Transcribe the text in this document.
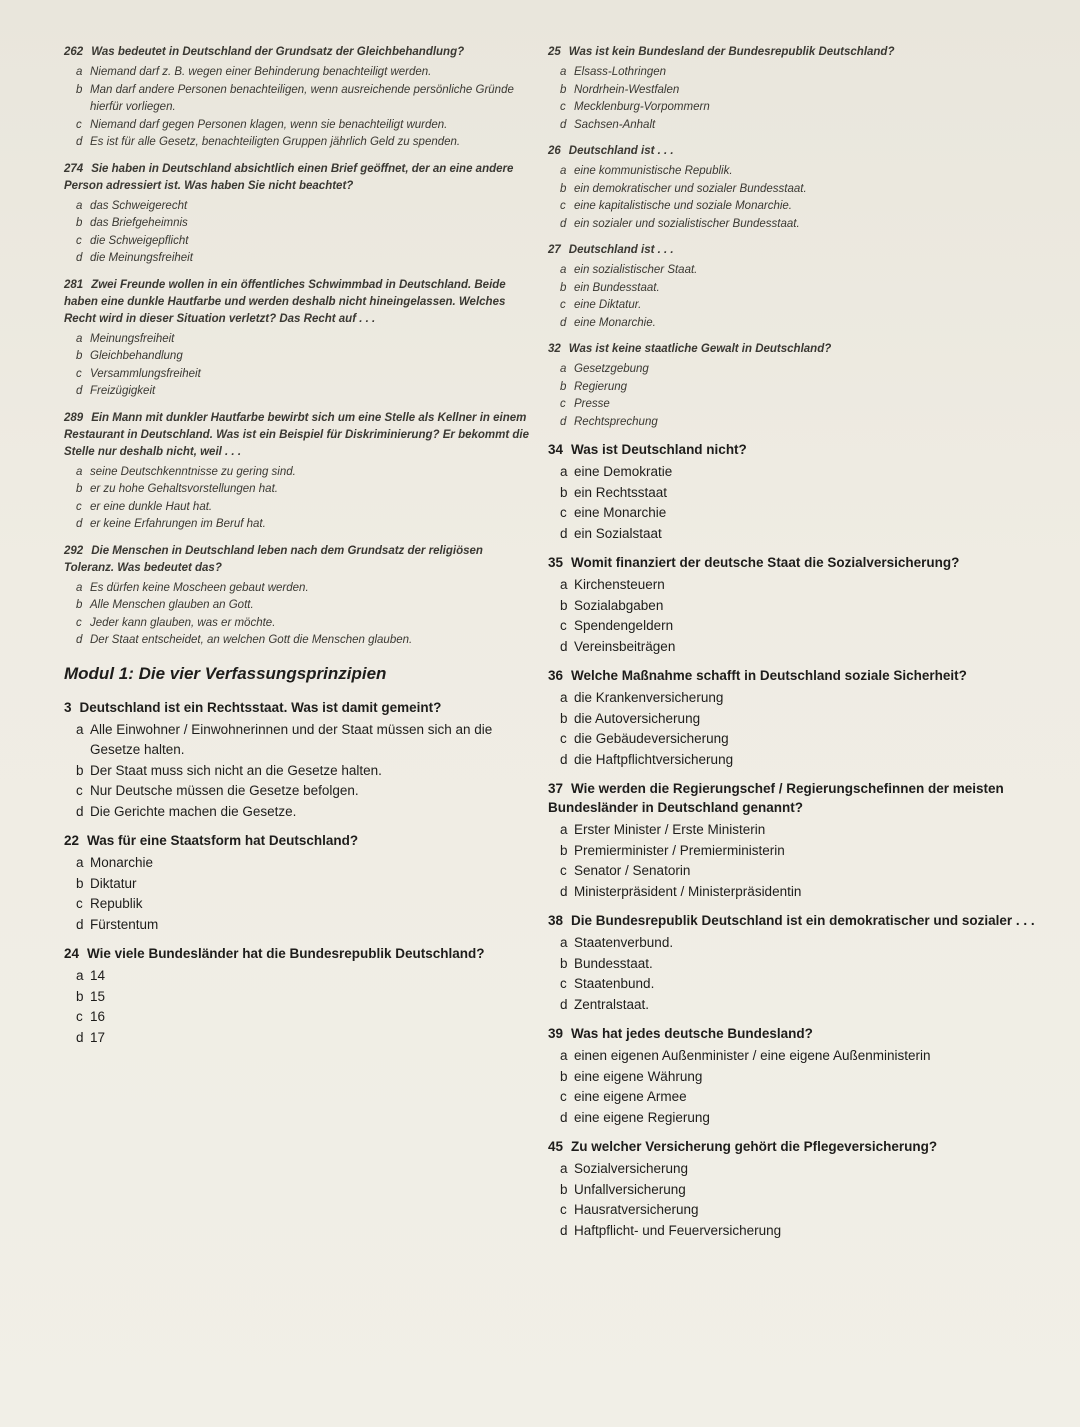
262 Was bedeutet in Deutschland der Grundsatz der Gleichbehandlung?
a Niemand darf z. B. wegen einer Behinderung benachteiligt werden.
b Man darf andere Personen benachteiligen, wenn ausreichende persönliche Gründe hierfür vorliegen.
c Niemand darf gegen Personen klagen, wenn sie benachteiligt wurden.
d Es ist für alle Gesetz, benachteiligten Gruppen jährlich Geld zu spenden.
274 Sie haben in Deutschland absichtlich einen Brief geöffnet, der an eine andere Person adressiert ist. Was haben Sie nicht beachtet?
a das Schweigerecht
b das Briefgeheimnis
c die Schweigepflicht
d die Meinungsfreiheit
281 Zwei Freunde wollen in ein öffentliches Schwimmbad in Deutschland. Beide haben eine dunkle Hautfarbe und werden deshalb nicht hineingelassen. Welches Recht wird in dieser Situation verletzt? Das Recht auf . . .
a Meinungsfreiheit
b Gleichbehandlung
c Versammlungsfreiheit
d Freizügigkeit
289 Ein Mann mit dunkler Hautfarbe bewirbt sich um eine Stelle als Kellner in einem Restaurant in Deutschland. Was ist ein Beispiel für Diskriminierung? Er bekommt die Stelle nur deshalb nicht, weil . . .
a seine Deutschkenntnisse zu gering sind.
b er zu hohe Gehaltsvorstellungen hat.
c er eine dunkle Haut hat.
d er keine Erfahrungen im Beruf hat.
292 Die Menschen in Deutschland leben nach dem Grundsatz der religiösen Toleranz. Was bedeutet das?
a Es dürfen keine Moscheen gebaut werden.
b Alle Menschen glauben an Gott.
c Jeder kann glauben, was er möchte.
d Der Staat entscheidet, an welchen Gott die Menschen glauben.
Modul 1: Die vier Verfassungsprinzipien
3 Deutschland ist ein Rechtsstaat. Was ist damit gemeint?
a Alle Einwohner / Einwohnerinnen und der Staat müssen sich an die Gesetze halten.
b Der Staat muss sich nicht an die Gesetze halten.
c Nur Deutsche müssen die Gesetze befolgen.
d Die Gerichte machen die Gesetze.
22 Was für eine Staatsform hat Deutschland?
a Monarchie
b Diktatur
c Republik
d Fürstentum
24 Wie viele Bundesländer hat die Bundesrepublik Deutschland?
a 14
b 15
c 16
d 17
25 Was ist kein Bundesland der Bundesrepublik Deutschland?
a Elsass-Lothringen
b Nordrhein-Westfalen
c Mecklenburg-Vorpommern
d Sachsen-Anhalt
26 Deutschland ist . . .
a eine kommunistische Republik.
b ein demokratischer und sozialer Bundesstaat.
c eine kapitalistische und soziale Monarchie.
d ein sozialer und sozialistischer Bundesstaat.
27 Deutschland ist . . .
a ein sozialistischer Staat.
b ein Bundesstaat.
c eine Diktatur.
d eine Monarchie.
32 Was ist keine staatliche Gewalt in Deutschland?
a Gesetzgebung
b Regierung
c Presse
d Rechtsprechung
34 Was ist Deutschland nicht?
a eine Demokratie
b ein Rechtsstaat
c eine Monarchie
d ein Sozialstaat
35 Womit finanziert der deutsche Staat die Sozialversicherung?
a Kirchensteuern
b Sozialabgaben
c Spendengeldern
d Vereinsbeiträgen
36 Welche Maßnahme schafft in Deutschland soziale Sicherheit?
a die Krankenversicherung
b die Autoversicherung
c die Gebäudeversicherung
d die Haftpflichtversicherung
37 Wie werden die Regierungschef / Regierungschefinnen der meisten Bundesländer in Deutschland genannt?
a Erster Minister / Erste Ministerin
b Premierminister / Premierministerin
c Senator / Senatorin
d Ministerpräsident / Ministerpräsidentin
38 Die Bundesrepublik Deutschland ist ein demokratischer und sozialer . . .
a Staatenverbund.
b Bundesstaat.
c Staatenbund.
d Zentralstaat.
39 Was hat jedes deutsche Bundesland?
a einen eigenen Außenminister / eine eigene Außenministerin
b eine eigene Währung
c eine eigene Armee
d eine eigene Regierung
45 Zu welcher Versicherung gehört die Pflegeversicherung?
a Sozialversicherung
b Unfallversicherung
c Hausratversicherung
d Haftpflicht- und Feuerversicherung
